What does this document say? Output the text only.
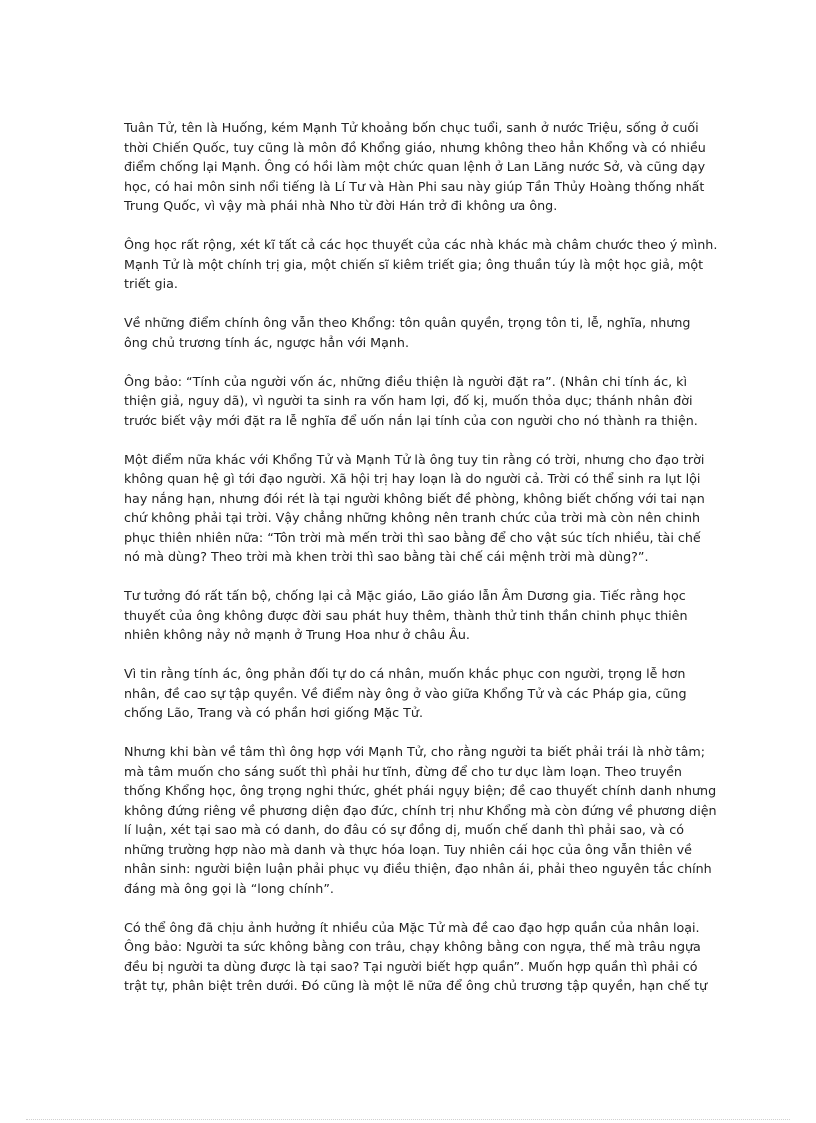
Tuân Tử, tên là Huống, kém Mạnh Tử khoảng bốn chục tuổi, sanh ở nước Triệu, sống ở cuối thời Chiến Quốc, tuy cũng là môn đồ Khổng giáo, nhưng không theo hẳn Khổng và có nhiều điểm chống lại Mạnh. Ông có hồi làm một chức quan lệnh ở Lan Lăng nước Sở, và cũng dạy học, có hai môn sinh nổi tiếng là Lí Tư và Hàn Phi sau này giúp Tần Thủy Hoàng thống nhất Trung Quốc, vì vậy mà phái nhà Nho từ đời Hán trở đi không ưa ông.

Ông học rất rộng, xét kĩ tất cả các học thuyết của các nhà khác mà châm chước theo ý mình. Mạnh Tử là một chính trị gia, một chiến sĩ kiêm triết gia; ông thuần túy là một học giả, một triết gia.

Về những điểm chính ông vẫn theo Khổng: tôn quân quyền, trọng tôn ti, lễ, nghĩa, nhưng ông chủ trương tính ác, ngược hẳn với Mạnh.

Ông bảo: “Tính của người vốn ác, những điều thiện là người đặt ra”. (Nhân chi tính ác, kì thiện giả, nguy dã), vì người ta sinh ra vốn ham lợi, đố kị, muốn thỏa dục; thánh nhân đời trước biết vậy mới đặt ra lễ nghĩa để uốn nắn lại tính của con người cho nó thành ra thiện.

Một điểm nữa khác với Khổng Tử và Mạnh Tử là ông tuy tin rằng có trời, nhưng cho đạo trời không quan hệ gì tới đạo người. Xã hội trị hay loạn là do người cả. Trời có thể sinh ra lụt lội hay nắng hạn, nhưng đói rét là tại người không biết đề phòng, không biết chống với tai nạn chứ không phải tại trời. Vậy chẳng những không nên tranh chức của trời mà còn nên chinh phục thiên nhiên nữa: “Tôn trời mà mến trời thì sao bằng để cho vật súc tích nhiều, tài chế nó mà dùng? Theo trời mà khen trời thì sao bằng tài chế cái mệnh trời mà dùng?”.

Tư tưởng đó rất tấn bộ, chống lại cả Mặc giáo, Lão giáo lẫn Âm Dương gia. Tiếc rằng học thuyết của ông không được đời sau phát huy thêm, thành thử tinh thần chinh phục thiên nhiên không nảy nở mạnh ở Trung Hoa như ở châu Âu.

Vì tin rằng tính ác, ông phản đối tự do cá nhân, muốn khắc phục con người, trọng lễ hơn nhân, đề cao sự tập quyền. Về điểm này ông ở vào giữa Khổng Tử và các Pháp gia, cũng chống Lão, Trang và có phần hơi giống Mặc Tử.

Nhưng khi bàn về tâm thì ông hợp với Mạnh Tử, cho rằng người ta biết phải trái là nhờ tâm; mà tâm muốn cho sáng suốt thì phải hư tĩnh, đừng để cho tư dục làm loạn. Theo truyền thống Khổng học, ông trọng nghi thức, ghét phái ngụy biện; đề cao thuyết chính danh nhưng không đứng riêng về phương diện đạo đức, chính trị như Khổng mà còn đứng về phương diện lí luận, xét tại sao mà có danh, do đâu có sự đồng dị, muốn chế danh thì phải sao, và có những trường hợp nào mà danh và thực hóa loạn. Tuy nhiên cái học của ông vẫn thiên về nhân sinh: người biện luận phải phục vụ điều thiện, đạo nhân ái, phải theo nguyên tắc chính đáng mà ông gọi là “long chính”.

Có thể ông đã chịu ảnh hưởng ít nhiều của Mặc Tử mà đề cao đạo hợp quần của nhân loại. Ông bảo: Người ta sức không bằng con trâu, chạy không bằng con ngựa, thế mà trâu ngựa đều bị người ta dùng được là tại sao? Tại người biết hợp quần”. Muốn hợp quần thì phải có trật tự, phân biệt trên dưới. Đó cũng là một lẽ nữa để ông chủ trương tập quyền, hạn chế tự
